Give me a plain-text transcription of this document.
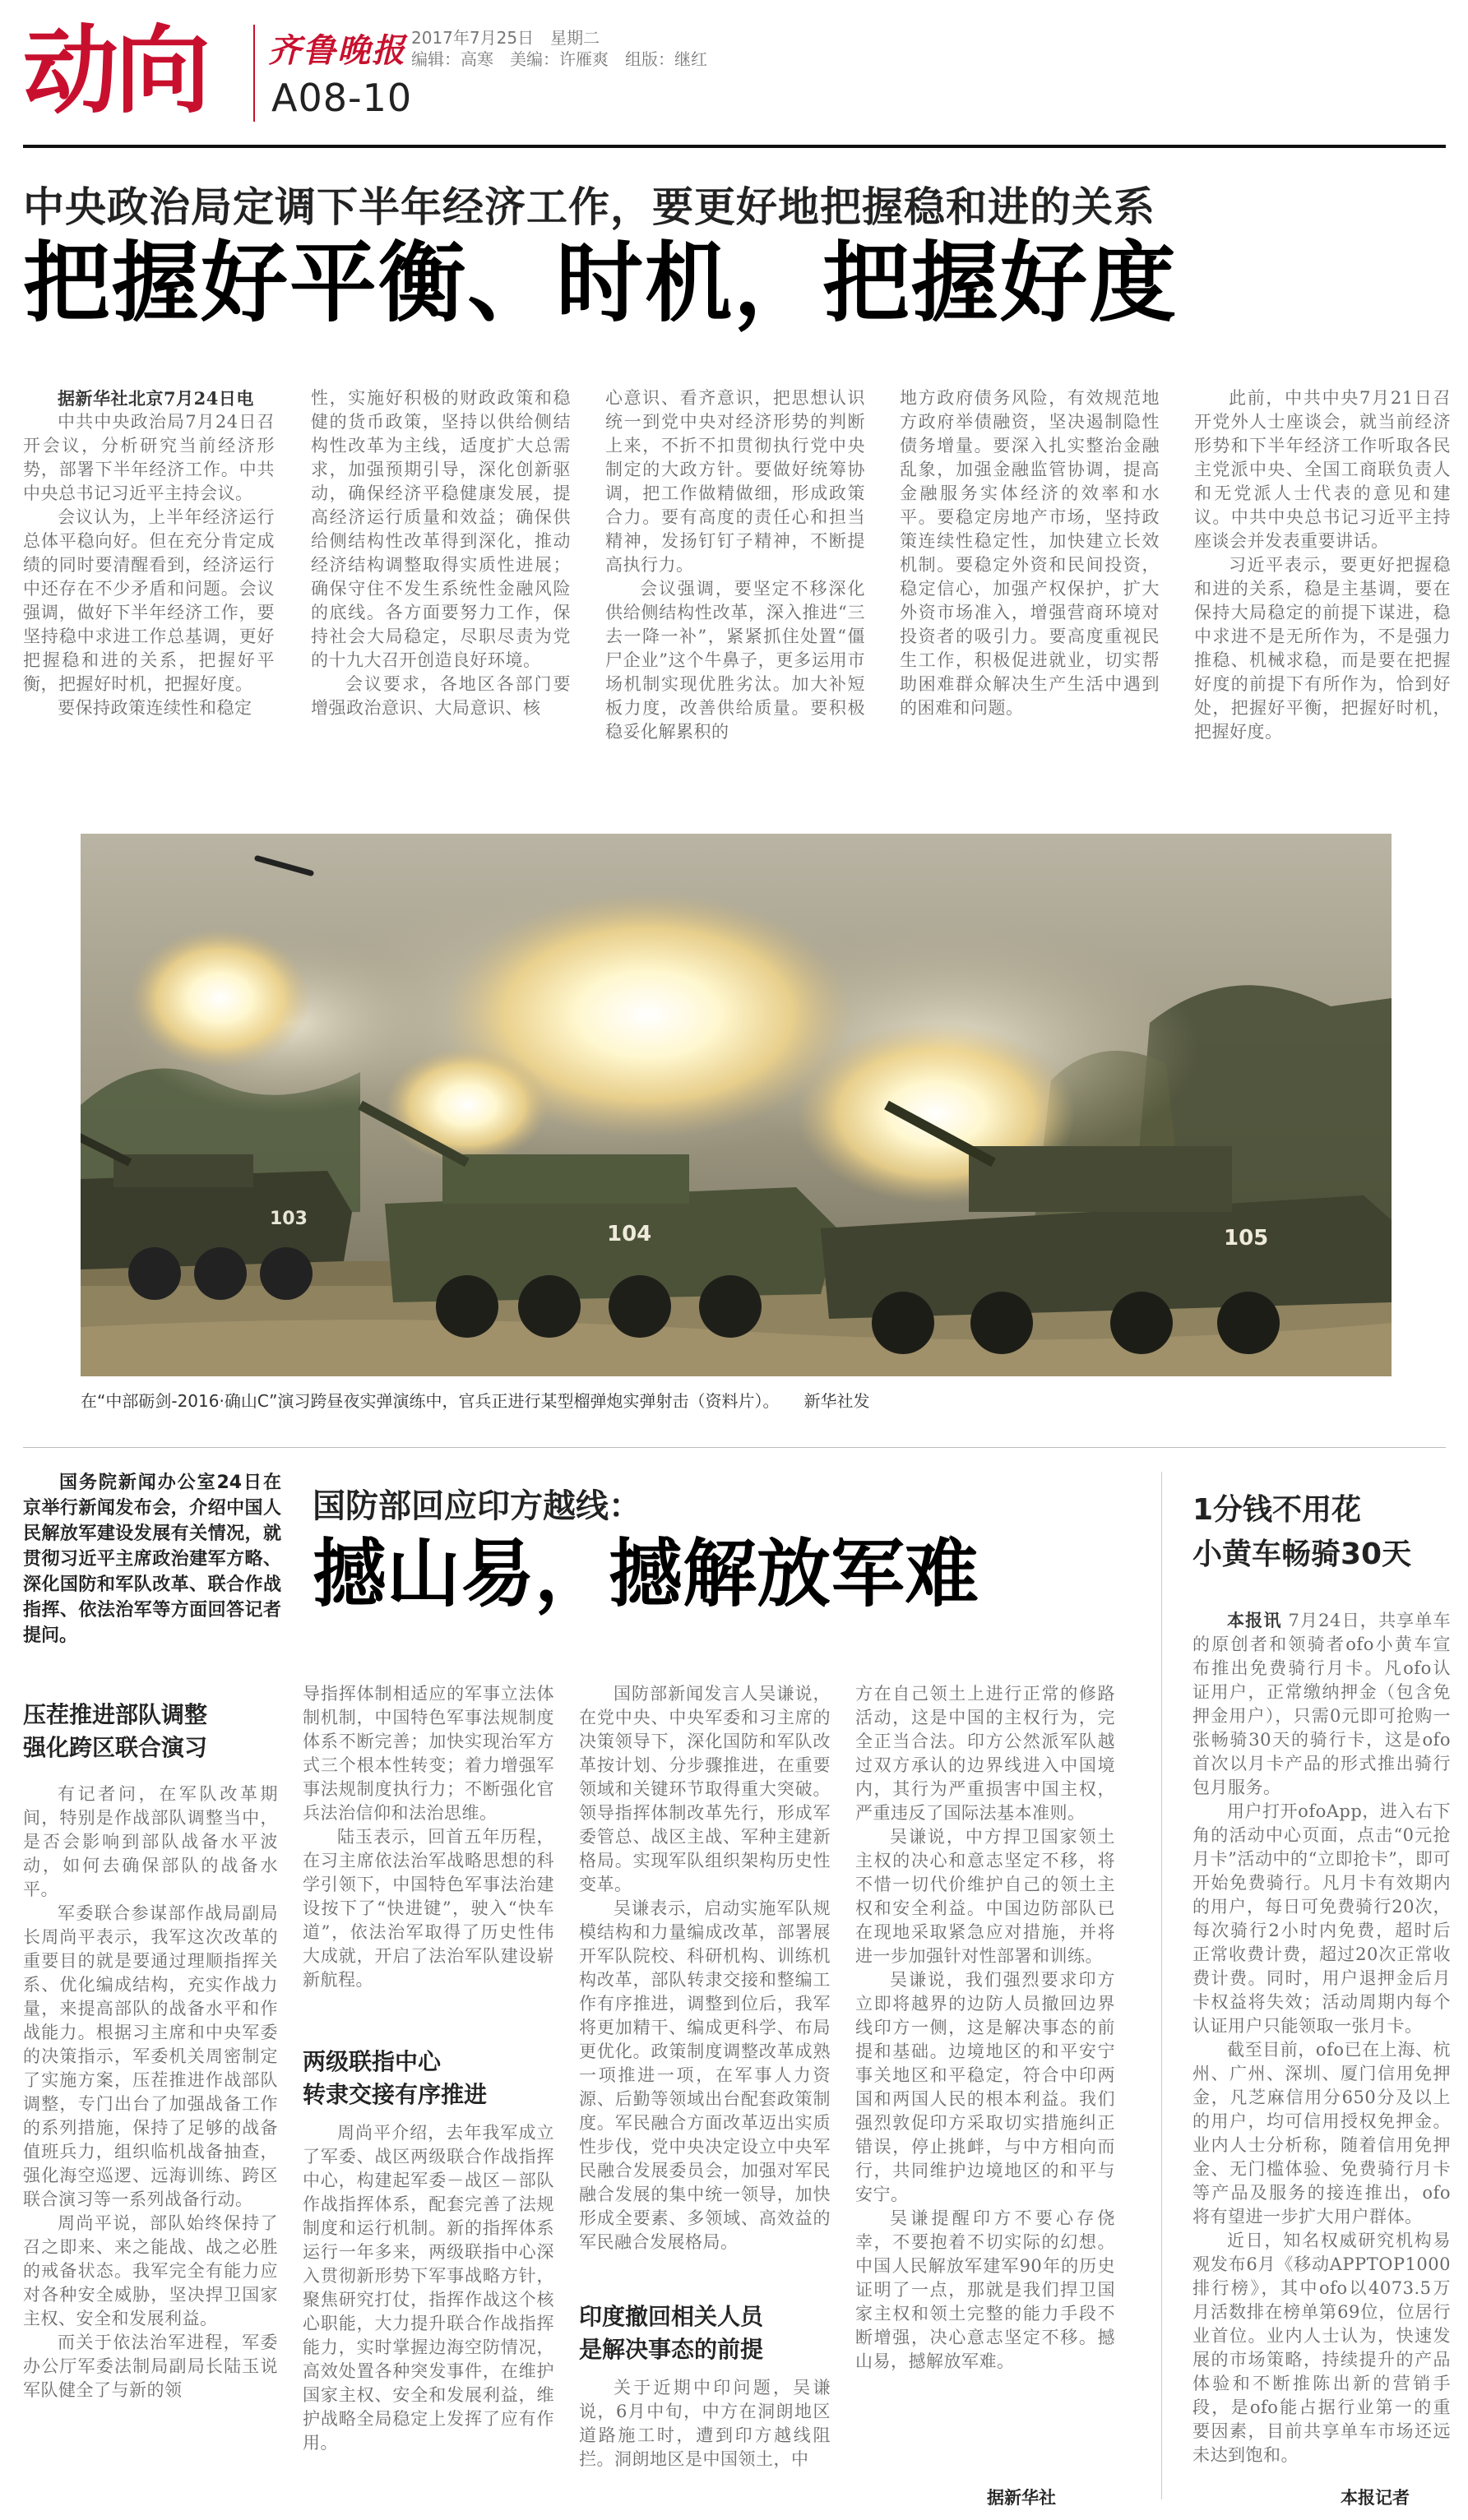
动向 齐鲁晚报 2017年7月25日　星期二
编辑：高寒　美编：许雁爽　组版：继红
A08-10
中央政治局定调下半年经济工作，要更好地把握稳和进的关系
把握好平衡、时机，把握好度
据新华社北京7月24日电

中共中央政治局7月24日召开会议，分析研究当前经济形势，部署下半年经济工作。中共中央总书记习近平主持会议。

会议认为，上半年经济运行总体平稳向好。但在充分肯定成绩的同时要清醒看到，经济运行中还存在不少矛盾和问题。会议强调，做好下半年经济工作，要坚持稳中求进工作总基调，更好把握稳和进的关系，把握好平衡，把握好时机，把握好度。

要保持政策连续性和稳定

性，实施好积极的财政政策和稳健的货币政策，坚持以供给侧结构性改革为主线，适度扩大总需求，加强预期引导，深化创新驱动，确保经济平稳健康发展，提高经济运行质量和效益；确保供给侧结构性改革得到深化，推动经济结构调整取得实质性进展；确保守住不发生系统性金融风险的底线。各方面要努力工作，保持社会大局稳定，尽职尽责为党的十九大召开创造良好环境。

会议要求，各地区各部门要增强政治意识、大局意识、核

心意识、看齐意识，把思想认识统一到党中央对经济形势的判断上来，不折不扣贯彻执行党中央制定的大政方针。要做好统筹协调，把工作做精做细，形成政策合力。要有高度的责任心和担当精神，发扬钉钉子精神，不断提高执行力。

会议强调，要坚定不移深化供给侧结构性改革，深入推进“三去一降一补”，紧紧抓住处置“僵尸企业”这个牛鼻子，更多运用市场机制实现优胜劣汰。加大补短板力度，改善供给质量。要积极稳妥化解累积的

地方政府债务风险，有效规范地方政府举债融资，坚决遏制隐性债务增量。要深入扎实整治金融乱象，加强金融监管协调，提高金融服务实体经济的效率和水平。要稳定房地产市场，坚持政策连续性稳定性，加快建立长效机制。要稳定外资和民间投资，稳定信心，加强产权保护，扩大外资市场准入，增强营商环境对投资者的吸引力。要高度重视民生工作，积极促进就业，切实帮助困难群众解决生产生活中遇到的困难和问题。

此前，中共中央7月21日召开党外人士座谈会，就当前经济形势和下半年经济工作听取各民主党派中央、全国工商联负责人和无党派人士代表的意见和建议。中共中央总书记习近平主持座谈会并发表重要讲话。

习近平表示，要更好把握稳和进的关系，稳是主基调，要在保持大局稳定的前提下谋进，稳中求进不是无所作为，不是强力推稳、机械求稳，而是要在把握好度的前提下有所作为，恰到好处，把握好平衡，把握好时机，把握好度。

103
104	105
在“中部砺剑-2016·确山C”演习跨昼夜实弹演练中，官兵正进行某型榴弹炮实弹射击（资料片）。　　新华社发
国务院新闻办公室24日在京举行新闻发布会，介绍中国人民解放军建设发展有关情况，就贯彻习近平主席政治建军方略、深化国防和军队改革、联合作战指挥、依法治军等方面回答记者提问。
国防部回应印方越线：
撼山易，撼解放军难
压茬推进部队调整
强化跨区联合演习

有记者问，在军队改革期间，特别是作战部队调整当中，是否会影响到部队战备水平波动，如何去确保部队的战备水平。

军委联合参谋部作战局副局长周尚平表示，我军这次改革的重要目的就是要通过理顺指挥关系、优化编成结构，充实作战力量，来提高部队的战备水平和作战能力。根据习主席和中央军委的决策指示，军委机关周密制定了实施方案，压茬推进作战部队调整，专门出台了加强战备工作的系列措施，保持了足够的战备值班兵力，组织临机战备抽查，强化海空巡逻、远海训练、跨区联合演习等一系列战备行动。

周尚平说，部队始终保持了召之即来、来之能战、战之必胜的戒备状态。我军完全有能力应对各种安全威胁，坚决捍卫国家主权、安全和发展利益。

而关于依法治军进程，军委办公厅军委法制局副局长陆玉说军队健全了与新的领

导指挥体制相适应的军事立法体制机制，中国特色军事法规制度体系不断完善；加快实现治军方式三个根本性转变；着力增强军事法规制度执行力；不断强化官兵法治信仰和法治思维。

陆玉表示，回首五年历程，在习主席依法治军战略思想的科学引领下，中国特色军事法治建设按下了“快进键”，驶入“快车道”，依法治军取得了历史性伟大成就，开启了法治军队建设崭新航程。

两级联指中心
转隶交接有序推进

周尚平介绍，去年我军成立了军委、战区两级联合作战指挥中心，构建起军委－战区－部队作战指挥体系，配套完善了法规制度和运行机制。新的指挥体系运行一年多来，两级联指中心深入贯彻新形势下军事战略方针，聚焦研究打仗，指挥作战这个核心职能，大力提升联合作战指挥能力，实时掌握边海空防情况，高效处置各种突发事件，在维护国家主权、安全和发展利益，维护战略全局稳定上发挥了应有作用。

国防部新闻发言人吴谦说，在党中央、中央军委和习主席的决策领导下，深化国防和军队改革按计划、分步骤推进，在重要领域和关键环节取得重大突破。领导指挥体制改革先行，形成军委管总、战区主战、军种主建新格局。实现军队组织架构历史性变革。

吴谦表示，启动实施军队规模结构和力量编成改革，部署展开军队院校、科研机构、训练机构改革，部队转隶交接和整编工作有序推进，调整到位后，我军将更加精干、编成更科学、布局更优化。政策制度调整改革成熟一项推进一项，在军事人力资源、后勤等领域出台配套政策制度。军民融合方面改革迈出实质性步伐，党中央决定设立中央军民融合发展委员会，加强对军民融合发展的集中统一领导，加快形成全要素、多领域、高效益的军民融合发展格局。

印度撤回相关人员
是解决事态的前提

关于近期中印问题，吴谦说，6月中旬，中方在洞朗地区道路施工时，遭到印方越线阻拦。洞朗地区是中国领土，中

方在自己领土上进行正常的修路活动，这是中国的主权行为，完全正当合法。印方公然派军队越过双方承认的边界线进入中国境内，其行为严重损害中国主权，严重违反了国际法基本准则。

吴谦说，中方捍卫国家领土主权的决心和意志坚定不移，将不惜一切代价维护自己的领土主权和安全利益。中国边防部队已在现地采取紧急应对措施，并将进一步加强针对性部署和训练。

吴谦说，我们强烈要求印方立即将越界的边防人员撤回边界线印方一侧，这是解决事态的前提和基础。边境地区的和平安宁事关地区和平稳定，符合中印两国和两国人民的根本利益。我们强烈敦促印方采取切实措施纠正错误，停止挑衅，与中方相向而行，共同维护边境地区的和平与安宁。

吴谦提醒印方不要心存侥幸，不要抱着不切实际的幻想。中国人民解放军建军90年的历史证明了一点，那就是我们捍卫国家主权和领土完整的能力手段不断增强，决心意志坚定不移。撼山易，撼解放军难。

据新华社
1分钱不用花
小黄车畅骑30天
本报讯 7月24日，共享单车的原创者和领骑者ofo小黄车宣布推出免费骑行月卡。凡ofo认证用户，正常缴纳押金（包含免押金用户），只需0元即可抢购一张畅骑30天的骑行卡，这是ofo首次以月卡产品的形式推出骑行包月服务。

用户打开ofoApp，进入右下角的活动中心页面，点击“0元抢月卡”活动中的“立即抢卡”，即可开始免费骑行。凡月卡有效期内的用户，每日可免费骑行20次，每次骑行2小时内免费，超时后正常收费计费，超过20次正常收费计费。同时，用户退押金后月卡权益将失效；活动周期内每个认证用户只能领取一张月卡。

截至目前，ofo已在上海、杭州、广州、深圳、厦门信用免押金，凡芝麻信用分650分及以上的用户，均可信用授权免押金。业内人士分析称，随着信用免押金、无门槛体验、免费骑行月卡等产品及服务的接连推出，ofo将有望进一步扩大用户群体。

近日，知名权威研究机构易观发布6月《移动APPTOP1000排行榜》，其中ofo以4073.5万月活数排在榜单第69位，位居行业首位。业内人士认为，快速发展的市场策略，持续提升的产品体验和不断推陈出新的营销手段，是ofo能占据行业第一的重要因素，目前共享单车市场还远未达到饱和。

本报记者
